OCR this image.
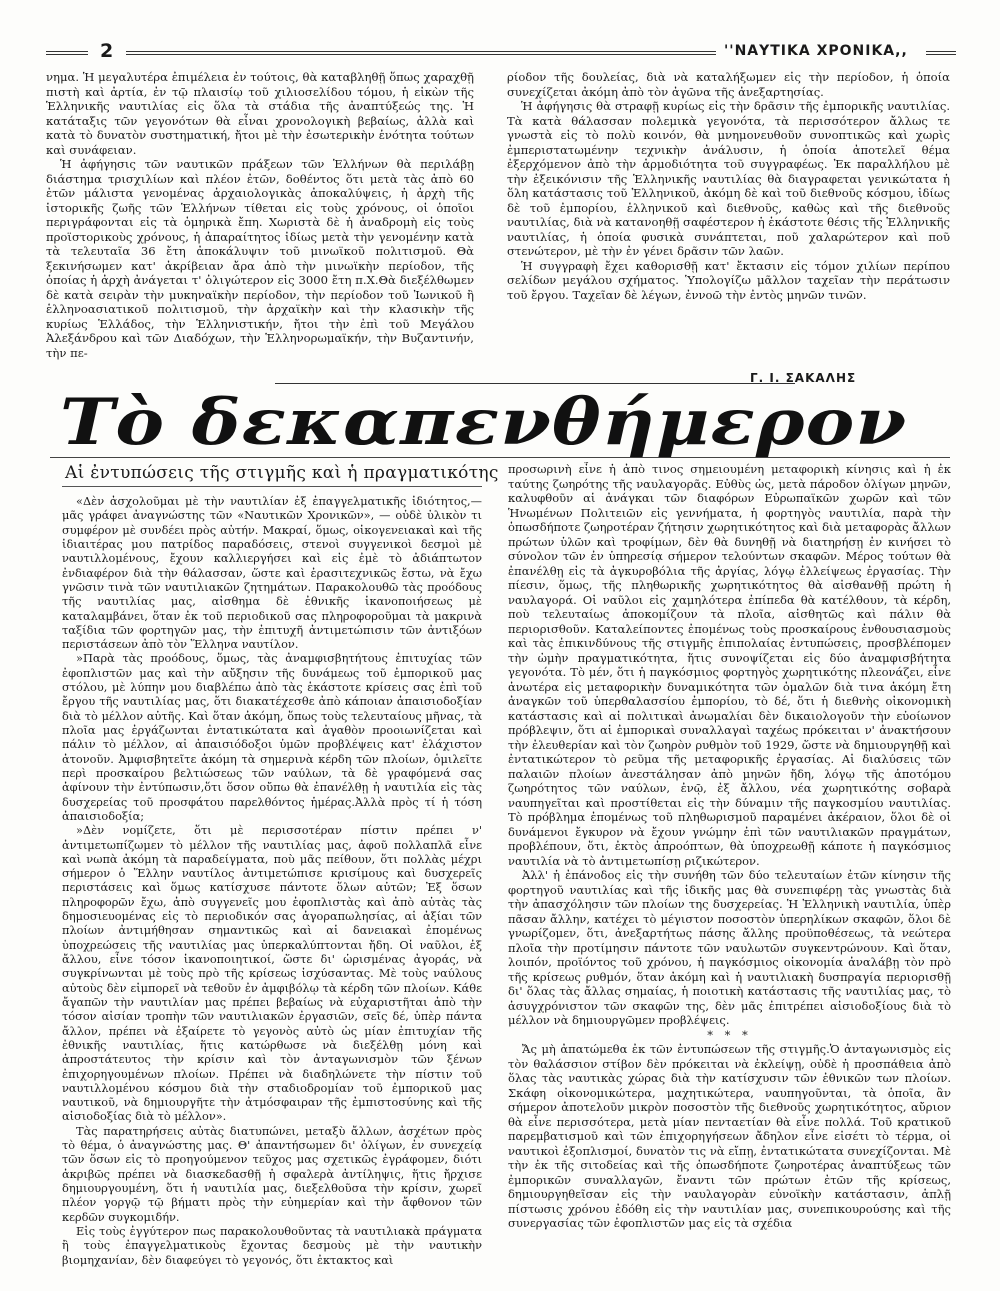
2	''ΝΑΥΤΙΚΑ ΧΡΟΝΙΚΑ,,

νημα. Ἡ μεγαλυτέρα ἐπιμέλεια ἐν τούτοις, θὰ καταβληθῇ ὅπως χαραχθῇ πιστὴ καὶ ἀρτία, ἐν τῷ πλαισίῳ τοῦ χιλιοσελίδου τόμου, ἡ εἰκὼν τῆς Ἑλληνικῆς ναυτιλίας εἰς ὅλα τὰ στάδια τῆς ἀναπτύξεώς της. Ἡ κατάταξις τῶν γεγονότων θὰ εἶναι χρονολογικὴ βεβαίως, ἀλλὰ καὶ κατὰ τὸ δυνατὸν συστηματική, ἤτοι μὲ τὴν ἐσωτερικὴν ἑνότητα τούτων καὶ συνάφειαν.

Ἡ ἀφήγησις τῶν ναυτικῶν πράξεων τῶν Ἑλλήνων θὰ περιλάβῃ διάστημα τρισχιλίων καὶ πλέον ἐτῶν, δοθέντος ὅτι μετὰ τὰς ἀπὸ 60 ἐτῶν μάλιστα γενομένας ἀρχαιολογικὰς ἀποκαλύψεις, ἡ ἀρχὴ τῆς ἱστορικῆς ζωῆς τῶν Ἑλλήνων τίθεται εἰς τοὺς χρόνους, οἱ ὁποῖοι περιγράφονται εἰς τὰ ὁμηρικὰ ἔπη. Χωριστὰ δὲ ἡ ἀναδρομὴ εἰς τοὺς προϊστορικοὺς χρόνους, ἡ ἀπαραίτητος ἰδίως μετὰ τὴν γενομένην κατὰ τὰ τελευταῖα 36 ἔτη ἀποκάλυψιν τοῦ μινωϊκοῦ πολιτισμοῦ. Θὰ ξεκινήσωμεν κατ' ἀκρίβειαν ἄρα ἀπὸ τὴν μινωϊκὴν περίοδον, τῆς ὁποίας ἡ ἀρχὴ ἀνάγεται τ' ὀλιγώτερον εἰς 3000 ἔτη π.Χ.Θὰ διεξέλθωμεν δὲ κατὰ σειρὰν τὴν μυκηναϊκὴν περίοδον, τὴν περίοδον τοῦ Ἰωνικοῦ ἢ ἑλληνοασιατικοῦ πολιτισμοῦ, τὴν ἀρχαϊκὴν καὶ τὴν κλασικὴν τῆς κυρίως Ἑλλάδος, τὴν Ἑλληνιστικήν, ἤτοι τὴν ἐπὶ τοῦ Μεγάλου Ἀλεξάνδρου καὶ τῶν Διαδόχων, τὴν Ἑλληνορωμαϊκήν, τὴν Βυζαντινήν, τὴν πε-

ρίοδον τῆς δουλείας, διὰ νὰ καταλήξωμεν εἰς τὴν περίοδον, ἡ ὁποία συνεχίζεται ἀκόμη ἀπὸ τὸν ἀγῶνα τῆς ἀνεξαρτησίας.

Ἡ ἀφήγησις θὰ στραφῇ κυρίως εἰς τὴν δρᾶσιν τῆς ἐμπορικῆς ναυτιλίας. Τὰ κατὰ θάλασσαν πολεμικὰ γεγονότα, τὰ περισσότερον ἄλλως τε γνωστὰ εἰς τὸ πολὺ κοινόν, θὰ μνημονευθοῦν συνοπτικῶς καὶ χωρὶς ἐμπεριστατωμένην τεχνικὴν ἀνάλυσιν, ἡ ὁποία ἀποτελεῖ θέμα ἐξερχόμενον ἀπὸ τὴν ἁρμοδιότητα τοῦ συγγραφέως. Ἐκ παραλλήλου μὲ τὴν ἐξεικόνισιν τῆς Ἑλληνικῆς ναυτιλίας θὰ διαγραφεται γενικώτατα ἡ ὅλη κατάστασις τοῦ Ἑλληνικοῦ, ἀκόμη δὲ καὶ τοῦ διεθνοῦς κόσμου, ἰδίως δὲ τοῦ ἐμπορίου, ἑλληνικοῦ καὶ διεθνοῦς, καθὼς καὶ τῆς διεθνοῦς ναυτιλίας, διὰ νὰ κατανοηθῇ σαφέστερον ἡ ἑκάστοτε θέσις τῆς Ἑλληνικῆς ναυτιλίας, ἡ ὁποία φυσικὰ συνάπτεται, ποῦ χαλαρώτερον καὶ ποῦ στενώτερον, μὲ τὴν ἐν γένει δρᾶσιν τῶν λαῶν.

Ἡ συγγραφὴ ἔχει καθορισθῇ κατ' ἔκτασιν εἰς τόμον χιλίων περίπου σελίδων μεγάλου σχήματος. Ὑπολογίζω μᾶλλον ταχεῖαν τὴν περάτωσιν τοῦ ἔργου. Ταχεῖαν δὲ λέγων, ἐννοῶ τὴν ἐντὸς μηνῶν τινῶν.

Γ. Ι. ΣΑΚΑΛΗΣ
Τὸ δεκαπενθήμερον
Αἱ ἐντυπώσεις τῆς στιγμῆς καὶ ἡ πραγματικότης

«Δὲν ἀσχολοῦμαι μὲ τὴν ναυτιλίαν ἐξ ἐπαγγελματικῆς ἰδιότητος,— μᾶς γράφει ἀναγνώστης τῶν «Ναυτικῶν Χρονικῶν», — οὐδὲ ὑλικὸν τι συμφέρον μὲ συνδέει πρὸς αὐτήν. Μακραί, ὅμως, οἰκογενειακαὶ καὶ τῆς ἰδιαιτέρας μου πατρίδος παραδόσεις, στενοὶ συγγενικοὶ δεσμοὶ μὲ ναυτιλλομένους, ἔχουν καλλιεργήσει καὶ εἰς ἐμὲ τὸ ἀδιάπτωτον ἐνδιαφέρον διὰ τὴν θάλασσαν, ὥστε καὶ ἐρασιτεχνικῶς ἔστω, νὰ ἔχω γνῶσιν τινὰ τῶν ναυτιλιακῶν ζητημάτων. Παρακολουθῶ τὰς προόδους τῆς ναυτιλίας μας, αἰσθημα δὲ ἐθνικῆς ἱκανοποιήσεως μὲ καταλαμβάνει, ὅταν ἐκ τοῦ περιοδικοῦ σας πληροφοροῦμαι τὰ μακρινὰ ταξίδια τῶν φορτηγῶν μας, τὴν ἐπιτυχῆ ἀντιμετώπισιν τῶν ἀντιξόων περιστάσεων ἀπὸ τὸν Ἕλληνα ναυτίλον.

»Παρὰ τὰς προόδους, ὅμως, τὰς ἀναμφισβητήτους ἐπιτυχίας τῶν ἐφοπλιστῶν μας καὶ τὴν αὔξησιν τῆς δυνάμεως τοῦ ἐμπορικοῦ μας στόλου, μὲ λύπην μου διαβλέπω ἀπὸ τὰς ἑκάστοτε κρίσεις σας ἐπὶ τοῦ ἔργου τῆς ναυτιλίας μας, ὅτι διακατέχεσθε ἀπὸ κάποιαν ἀπαισιοδοξίαν διὰ τὸ μέλλον αὐτῆς. Καὶ ὅταν ἀκόμη, ὅπως τοὺς τελευταίους μῆνας, τὰ πλοῖα μας ἐργάζωνται ἐντατικώτατα καὶ ἀγαθὸν προοιωνίζεται καὶ πάλιν τὸ μέλλον, αἱ ἀπαισιόδοξοι ὑμῶν προβλέψεις κατ' ἐλάχιστον ἀτονοῦν. Ἀμφισβητεῖτε ἀκόμη τὰ σημερινὰ κέρδη τῶν πλοίων, ὁμιλεῖτε περὶ προσκαίρου βελτιώσεως τῶν ναύλων, τὰ δὲ γραφόμενά σας ἀφίνουν τὴν ἐντύπωσιν,ὅτι ὅσον οὔπω θὰ ἐπανέλθῃ ἡ ναυτιλία εἰς τὰς δυσχερείας τοῦ προσφάτου παρελθόντος ἡμέρας.Ἀλλὰ πρὸς τί ἡ τόση ἀπαισιοδοξία;

»Δὲν νομίζετε, ὅτι μὲ περισσοτέραν πίστιν πρέπει ν' ἀντιμετωπίζωμεν τὸ μέλλον τῆς ναυτιλίας μας, ἀφοῦ πολλαπλᾶ εἶνε καὶ νωπὰ ἀκόμη τὰ παραδείγματα, ποὺ μᾶς πείθουν, ὅτι πολλὰς μέχρι σήμερον ὁ Ἕλλην ναυτίλος ἀντιμετώπισε κρισίμους καὶ δυσχερεῖς περιστάσεις καὶ ὅμως κατίσχυσε πάντοτε ὅλων αὐτῶν; Ἐξ ὅσων πληροφορῶν ἔχω, ἀπὸ συγγενεῖς μου ἐφοπλιστὰς καὶ ἀπὸ αὐτὰς τὰς δημοσιευομένας εἰς τὸ περιοδικόν σας ἀγοραπωλησίας, αἱ ἀξίαι τῶν πλοίων ἀντιμήθησαν σημαντικῶς καὶ αἱ δανειακαὶ ἐπομένως ὑποχρεώσεις τῆς ναυτιλίας μας ὑπερκαλύπτονται ἤδη. Οἱ ναῦλοι, ἐξ ἄλλου, εἶνε τόσον ἱκανοποιητικοί, ὥστε δι' ὡρισμένας ἀγοράς, νὰ συγκρίνωνται μὲ τοὺς πρὸ τῆς κρίσεως ἰσχύσαντας. Μὲ τοὺς ναύλους αὐτοὺς δὲν εἰμπορεῖ νὰ τεθοῦν ἐν ἀμφιβόλῳ τὰ κέρδη τῶν πλοίων. Κάθε ἄγαπῶν τὴν ναυτιλίαν μας πρέπει βεβαίως νὰ εὐχαριστῆται ἀπὸ τὴν τόσον αἰσίαν τροπὴν τῶν ναυτιλιακῶν ἐργασιῶν, σεῖς δέ, ὑπὲρ πάντα ἄλλον, πρέπει νὰ ἐξαίρετε τὸ γεγονὸς αὐτὸ ὡς μίαν ἐπιτυχίαν τῆς ἐθνικῆς ναυτιλίας, ἥτις κατώρθωσε νὰ διεξέλθῃ μόνη καὶ ἀπροστάτευτος τὴν κρίσιν καὶ τὸν ἀνταγωνισμὸν τῶν ξένων ἐπιχορηγουμένων πλοίων. Πρέπει νὰ διαδηλώνετε τὴν πίστιν τοῦ ναυτιλλομένου κόσμου διὰ τὴν σταδιοδρομίαν τοῦ ἐμπορικοῦ μας ναυτικοῦ, νὰ δημιουργῆτε τὴν ἀτμόσφαιραν τῆς ἐμπιστοσύνης καὶ τῆς αἰσιοδοξίας διὰ τὸ μέλλον».

Τὰς παρατηρήσεις αὐτὰς διατυπώνει, μεταξὺ ἄλλων, ἀσχέτων πρὸς τὸ θέμα, ὁ ἀναγνώστης μας. Θ' ἀπαντήσωμεν δι' ὀλίγων, ἐν συνεχείᾳ τῶν ὅσων εἰς τὸ προηγούμενον τεῦχος μας σχετικῶς ἐγράφομεν, διότι ἀκριβῶς πρέπει νὰ διασκεδασθῇ ἡ σφαλερὰ ἀντίληψις, ἥτις ἤρχισε δημιουργουμένη, ὅτι ἡ ναυτιλία μας, διεξελθοῦσα τὴν κρίσιν, χωρεῖ πλέον γοργῷ τῷ βήματι πρὸς τὴν εὐημερίαν καὶ τὴν ἄφθονον τῶν κερδῶν συγκομιδήν.

Εἰς τοὺς ἐγγύτερον πως παρακολουθοῦντας τὰ ναυτιλιακὰ πράγματα ἢ τοὺς ἐπαγγελματικοὺς ἔχοντας δεσμοὺς μὲ τὴν ναυτικὴν βιομηχανίαν, δὲν διαφεύγει τὸ γεγονός, ὅτι ἐκτακτος καὶ

προσωρινὴ εἶνε ἡ ἀπὸ τινος σημειουμένη μεταφορικὴ κίνησις καὶ ἡ ἐκ ταύτης ζωηρότης τῆς ναυλαγορᾶς. Εὐθὺς ὡς, μετὰ πάροδον ὀλίγων μηνῶν, καλυφθοῦν αἱ ἀνάγκαι τῶν διαφόρων Εὐρωπαϊκῶν χωρῶν καὶ τῶν Ἡνωμένων Πολιτειῶν εἰς γεννήματα, ἡ φορτηγὸς ναυτιλία, παρὰ τὴν ὁπωσδήποτε ζωηροτέραν ζήτησιν χωρητικότητος καὶ διὰ μεταφορὰς ἄλλων πρώτων ὑλῶν καὶ τροφίμων, δὲν θὰ δυνηθῇ νὰ διατηρήσῃ ἐν κινήσει τὸ σύνολον τῶν ἐν ὑπηρεσίᾳ σήμερον τελούντων σκαφῶν. Μέρος τούτων θὰ ἐπανέλθῃ εἰς τὰ ἀγκυροβόλια τῆς ἀργίας, λόγῳ ἐλλείψεως ἐργασίας. Τὴν πίεσιν, ὅμως, τῆς πληθωρικῆς χωρητικότητος θὰ αἰσθανθῇ πρώτη ἡ ναυλαγορά. Οἱ ναῦλοι εἰς χαμηλότερα ἐπίπεδα θὰ κατέλθουν, τὰ κέρδη, ποὺ τελευταίως ἀποκομίζουν τὰ πλοῖα, αἰσθητῶς καὶ πάλιν θὰ περιορισθοῦν. Καταλείποντες ἐπομένως τοὺς προσκαίρους ἐνθουσιασμοὺς καὶ τὰς ἐπικινδύνους τῆς στιγμῆς ἐπιπολαίας ἐντυπώσεις, προσβλέπομεν τὴν ὠμὴν πραγματικότητα, ἥτις συνοψίζεται εἰς δύο ἀναμφισβήτητα γεγονότα. Τὸ μέν, ὅτι ἡ παγκόσμιος φορτηγὸς χωρητικότης πλεονάζει, εἶνε ἀνωτέρα εἰς μεταφορικὴν δυναμικότητα τῶν ὁμαλῶν διὰ τινα ἀκόμη ἔτη ἀναγκῶν τοῦ ὑπερθαλασσίου ἐμπορίου, τὸ δέ, ὅτι ἡ διεθνὴς οἰκονομικὴ κατάστασις καὶ αἱ πολιτικαὶ ἀνωμαλίαι δὲν δικαιολογοῦν τὴν εὐοίωνον πρόβλεψιν, ὅτι αἱ ἐμπορικαὶ συναλλαγαὶ ταχέως πρόκειται ν' ἀνακτήσουν τὴν ἐλευθερίαν καὶ τὸν ζωηρὸν ρυθμὸν τοῦ 1929, ὥστε νὰ δημιουργηθῇ καὶ ἐντατικώτερον τὸ ρεῦμα τῆς μεταφορικῆς ἐργασίας. Αἱ διαλύσεις τῶν παλαιῶν πλοίων ἀνεστάλησαν ἀπὸ μηνῶν ἤδη, λόγῳ τῆς ἀποτόμου ζωηρότητος τῶν ναύλων, ἐνῷ, ἐξ ἄλλου, νέα χωρητικότης σοβαρὰ ναυπηγεῖται καὶ προστίθεται εἰς τὴν δύναμιν τῆς παγκοσμίου ναυτιλίας. Τὸ πρόβλημα ἐπομένως τοῦ πληθωρισμοῦ παραμένει ἀκέραιον, ὅλοι δὲ οἱ δυνάμενοι ἔγκυρον νὰ ἔχουν γνώμην ἐπὶ τῶν ναυτιλιακῶν πραγμάτων, προβλέπουν, ὅτι, ἐκτὸς ἀπροόπτων, θὰ ὑποχρεωθῇ κάποτε ἡ παγκόσμιος ναυτιλία νὰ τὸ ἀντιμετωπίσῃ ριζικώτερον.

Ἀλλ' ἡ ἐπάνοδος εἰς τὴν συνήθη τῶν δύο τελευταίων ἐτῶν κίνησιν τῆς φορτηγοῦ ναυτιλίας καὶ τῆς ἰδικῆς μας θὰ συνεπιφέρῃ τὰς γνωστὰς διὰ τὴν ἀπασχόλησιν τῶν πλοίων της δυσχερείας. Ἡ Ἑλληνικὴ ναυτιλία, ὑπὲρ πᾶσαν ἄλλην, κατέχει τὸ μέγιστον ποσοστὸν ὑπερηλίκων σκαφῶν, ὅλοι δὲ γνωρίζομεν, ὅτι, ἀνεξαρτήτως πάσης ἄλλης προϋποθέσεως, τὰ νεώτερα πλοῖα τὴν προτίμησιν πάντοτε τῶν ναυλωτῶν συγκεντρώνουν. Καὶ ὅταν, λοιπόν, προϊόντος τοῦ χρόνου, ἡ παγκόσμιος οἰκονομία ἀναλάβῃ τὸν πρὸ τῆς κρίσεως ρυθμόν, ὅταν ἀκόμη καὶ ἡ ναυτιλιακὴ δυσπραγία περιορισθῇ δι' ὅλας τὰς ἄλλας σημαίας, ἡ ποιοτικὴ κατάστασις τῆς ναυτιλίας μας, τὸ ἀσυγχρόνιστον τῶν σκαφῶν της, δὲν μᾶς ἐπιτρέπει αἰσιοδοξίους διὰ τὸ μέλλον νὰ δημιουργῶμεν προβλέψεις.

* * *

Ἄς μὴ ἀπατώμεθα ἐκ τῶν ἐντυπώσεων τῆς στιγμῆς.Ὁ ἀνταγωνισμὸς εἰς τὸν θαλάσσιον στίβον δὲν πρόκειται νὰ ἐκλείψῃ, οὐδὲ ἡ προσπάθεια ἀπὸ ὅλας τὰς ναυτικὰς χώρας διὰ τὴν κατίσχυσιν τῶν ἐθνικῶν των πλοίων. Σκάφη οἰκονομικώτερα, μαχητικώτερα, ναυπηγοῦνται, τὰ ὁποῖα, ἂν σήμερον ἀποτελοῦν μικρὸν ποσοστὸν τῆς διεθνοῦς χωρητικότητος, αὔριον θὰ εἶνε περισσότερα, μετὰ μίαν πενταετίαν θὰ εἶνε πολλά. Τοῦ κρατικοῦ παρεμβατισμοῦ καὶ τῶν ἐπιχορηγήσεων ἄδηλον εἶνε εἰσέτι τὸ τέρμα, οἱ ναυτικοὶ ἐξοπλισμοί, δυνατὸν τις νὰ εἴπῃ, ἐντατικώτατα συνεχίζονται. Μὲ τὴν ἐκ τῆς σιτοδείας καὶ τῆς ὁπωσδήποτε ζωηροτέρας ἀναπτύξεως τῶν ἐμπορικῶν συναλλαγῶν, ἔναντι τῶν πρώτων ἐτῶν τῆς κρίσεως, δημιουργηθεῖσαν εἰς τὴν ναυλαγορὰν εὐνοϊκὴν κατάστασιν, ἁπλῇ πίστωσις χρόνου ἐδόθη εἰς τὴν ναυτιλίαν μας, συνεπικουρούσης καὶ τῆς συνεργασίας τῶν ἐφοπλιστῶν μας εἰς τὰ σχέδια
